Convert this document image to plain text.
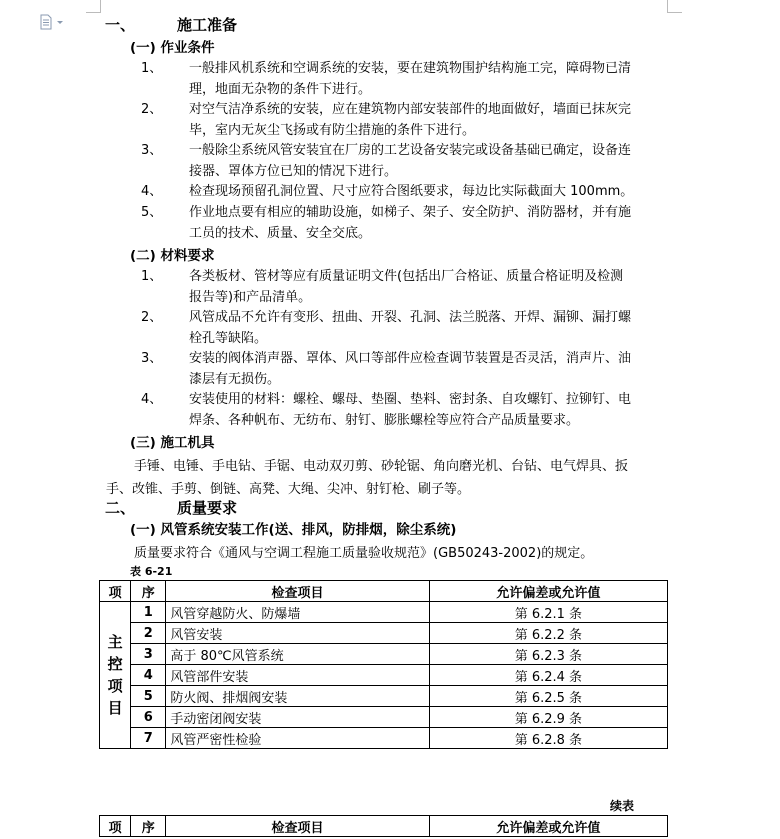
一、	施工准备
(一) 作业条件
1、 一般排风机系统和空调系统的安装，要在建筑物围护结构施工完，障碍物已清
理，地面无杂物的条件下进行。
2、 对空气洁净系统的安装，应在建筑物内部安装部件的地面做好，墙面已抹灰完
毕，室内无灰尘飞扬或有防尘措施的条件下进行。
3、 一般除尘系统风管安装宜在厂房的工艺设备安装完或设备基础已确定，设备连
接器、罩体方位已知的情况下进行。
4、 检查现场预留孔洞位置、尺寸应符合图纸要求，每边比实际截面大 100mm。
5、 作业地点要有相应的辅助设施，如梯子、架子、安全防护、消防器材，并有施
工员的技术、质量、安全交底。
(二) 材料要求
1、 各类板材、管材等应有质量证明文件(包括出厂合格证、质量合格证明及检测
报告等)和产品清单。
2、 风管成品不允许有变形、扭曲、开裂、孔洞、法兰脱落、开焊、漏铆、漏打螺
栓孔等缺陷。
3、 安装的阀体消声器、罩体、风口等部件应检查调节装置是否灵活，消声片、油
漆层有无损伤。
4、 安装使用的材料：螺栓、螺母、垫圈、垫料、密封条、自攻螺钉、拉铆钉、电
焊条、各种帆布、无纺布、射钉、膨胀螺栓等应符合产品质量要求。
(三) 施工机具
手锤、电锤、手电钻、手锯、电动双刃剪、砂轮锯、角向磨光机、台钻、电气焊具、扳
手、改锥、手剪、倒链、高凳、大绳、尖冲、射钉枪、刷子等。
二、	质量要求
(一) 风管系统安装工作(送、排风，防排烟，除尘系统)
质量要求符合《通风与空调工程施工质量验收规范》(GB50243-2002)的规定。
表 6-21
项	序	检查项目	允许偏差或允许值
主控项目	1	风管穿越防火、防爆墙	第 6.2.1 条
	2	风管安装	第 6.2.2 条
	3	高于 80℃风管系统	第 6.2.3 条
	4	风管部件安装	第 6.2.4 条
	5	防火阀、排烟阀安装	第 6.2.5 条
	6	手动密闭阀安装	第 6.2.9 条
	7	风管严密性检验	第 6.2.8 条
续表
项	序	检查项目	允许偏差或允许值
